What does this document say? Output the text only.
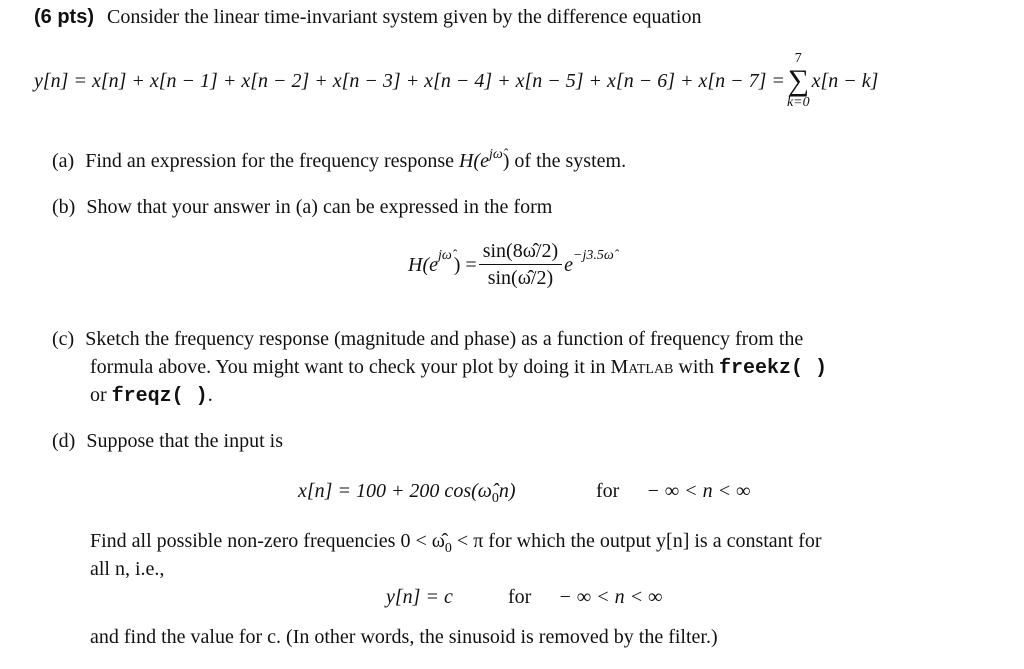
(6 pts) Consider the linear time-invariant system given by the difference equation
y[n] = x[n] + x[n − 1] + x[n − 2] + x[n − 3] + x[n − 4] + x[n − 5] + x[n − 6] + x[n − 7] =
7
∑
k=0
x[n − k]
(a) Find an expression for the frequency response $H(e^{j\omegâ})$ of the system.
(b) Show that your answer in (a) can be expressed in the form
H(e jω̂ ) = $\frac{\sin(8\omegâ/2)}{\sin(\omegâ/2)}$ e −j3.5ω̂
(c) Sketch the frequency response (magnitude and phase) as a function of frequency from the
formula above. You might want to check your plot by doing it in Matlab with freekz( )
or freqz( ).
(d) Suppose that the input is
x[n] = 100 + 200 $\cos(\omegâ_0n)$	for − ∞ < n < ∞
Find all possible non-zero frequencies $0 < \omegâ_0 < \pi$ for which the output y[n] is a constant for
all n, i.e.,
y[n] = c	for − ∞ < n < ∞
and find the value for c. (In other words, the sinusoid is removed by the filter.)
